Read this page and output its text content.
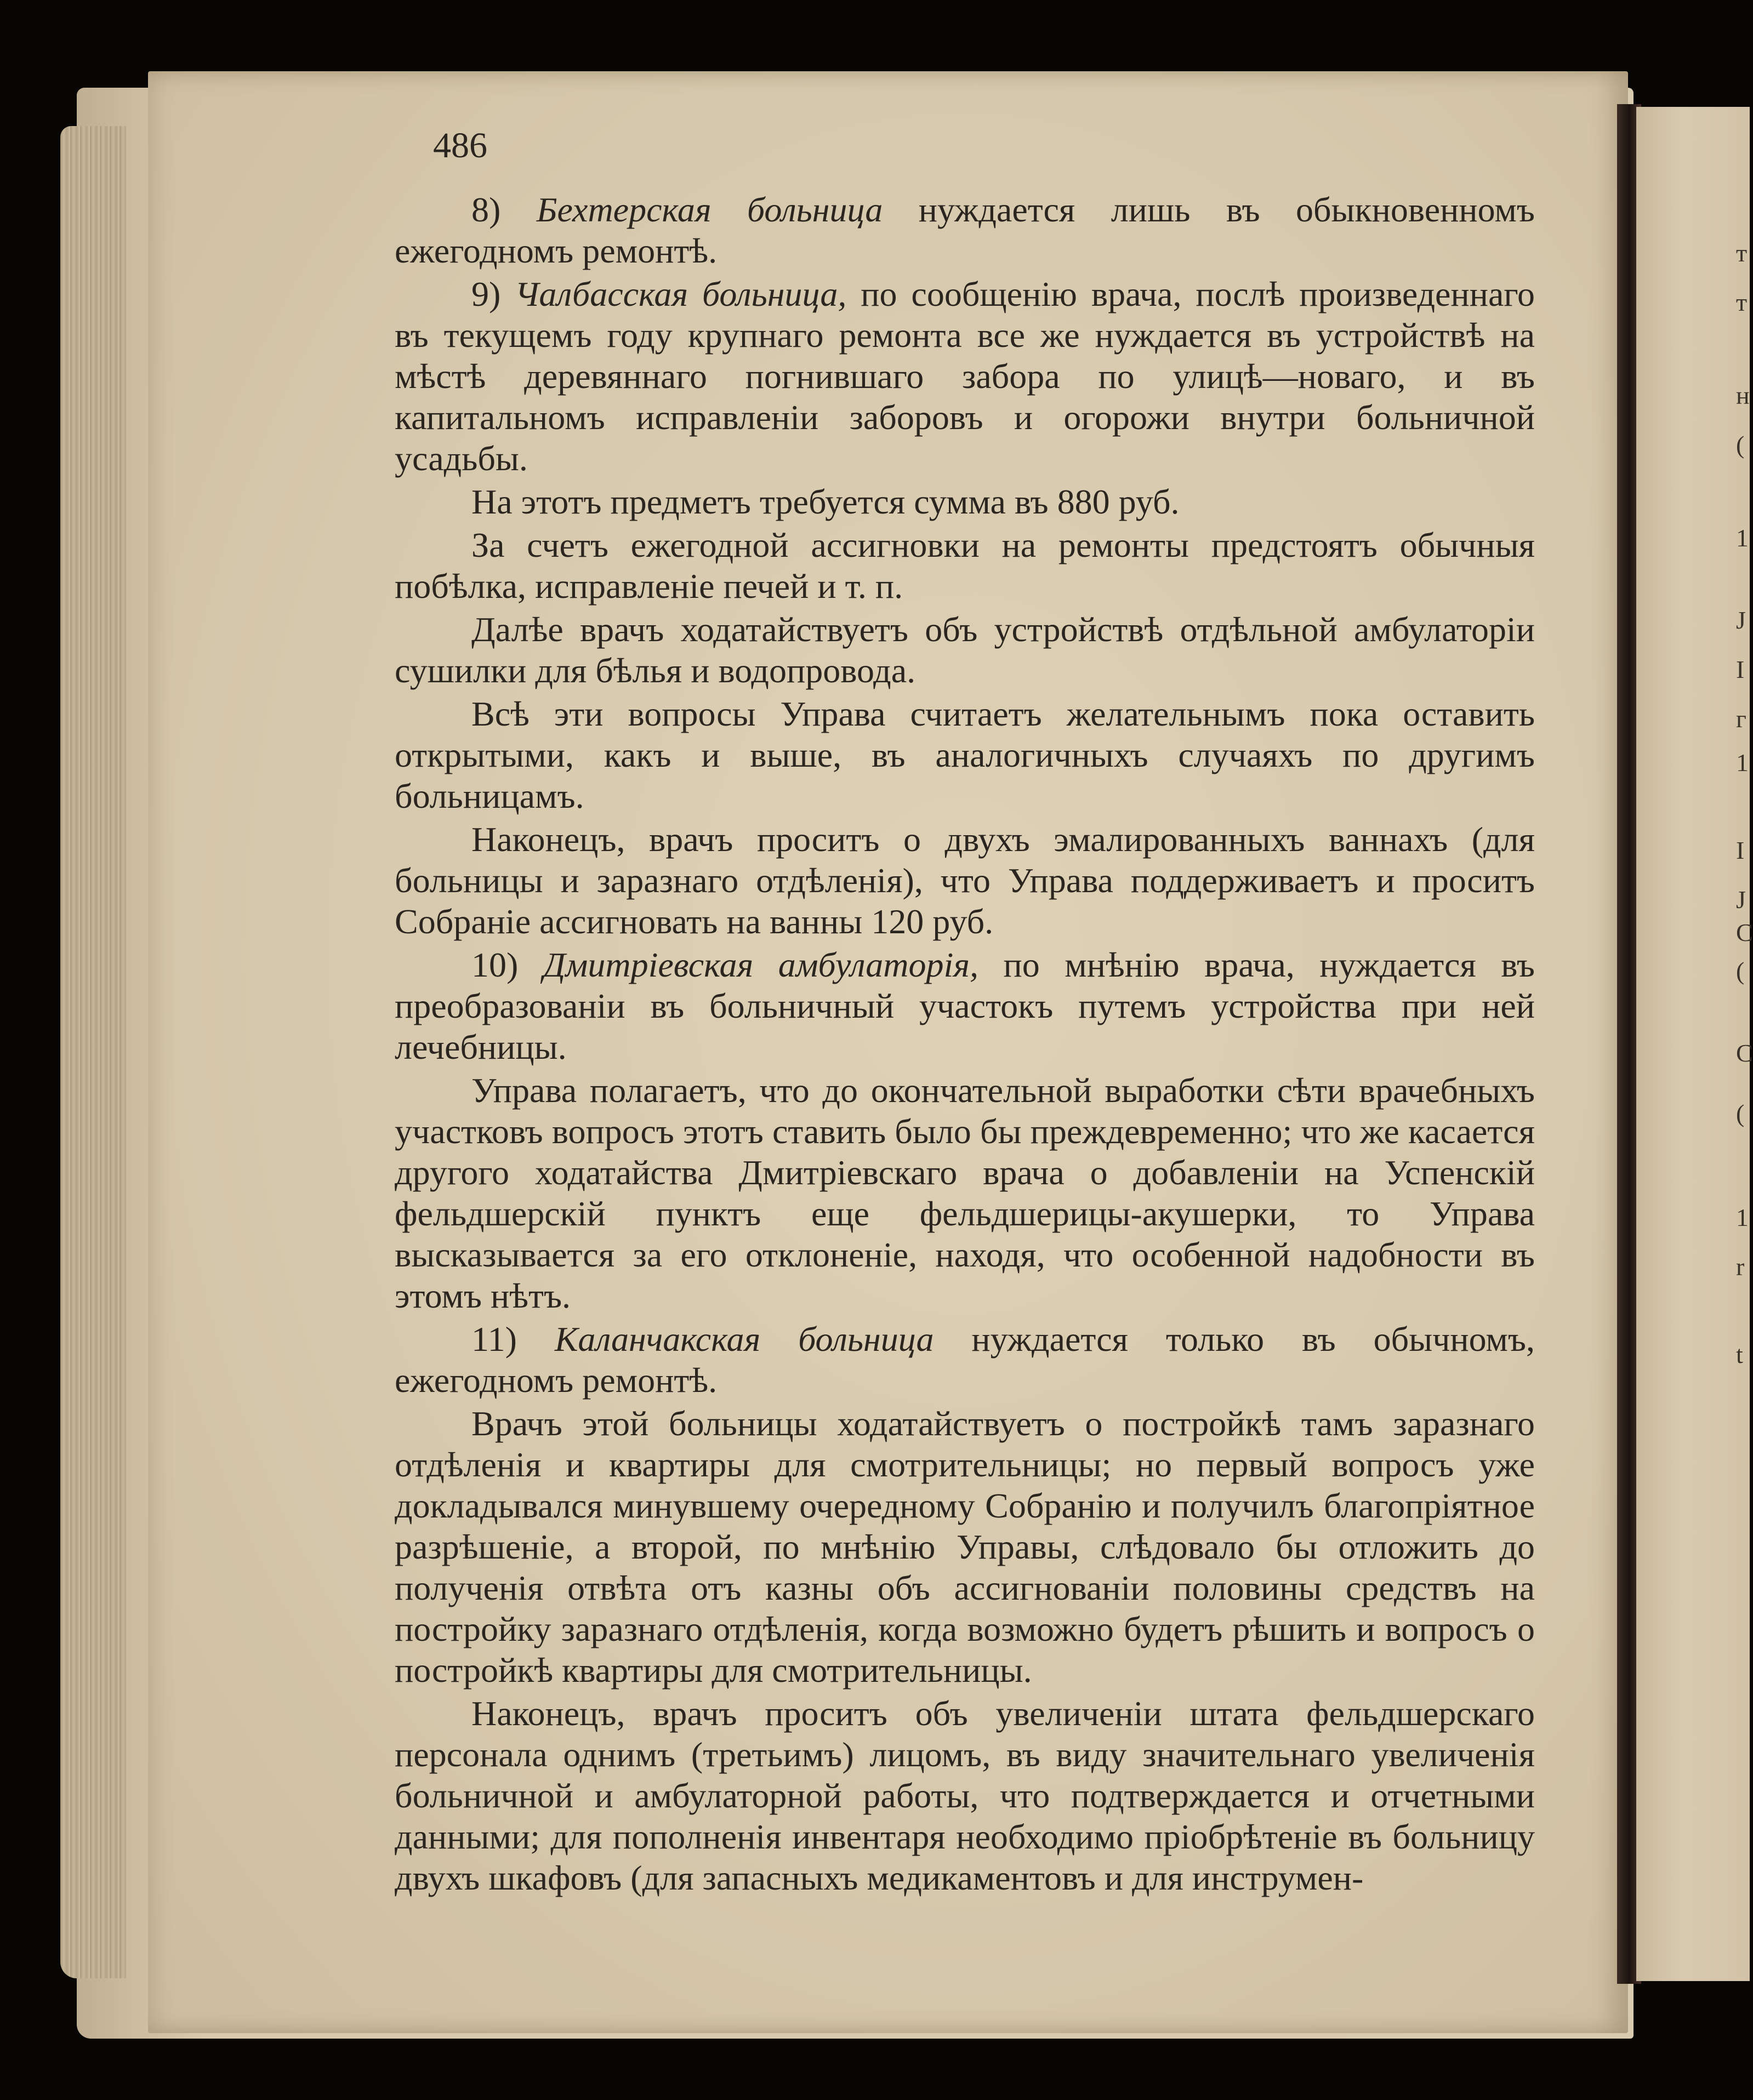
т
т
н
(
1
J
I
г
1
I
J
С
(
С
(
1
r
t
486

8) Бехтерская больница нуждается лишь въ обыкновенномъ ежегодномъ ремонтѣ.

9) Чалбасская больница, по сообщенію врача, послѣ произведеннаго въ текущемъ году крупнаго ремонта все же нуждается въ устройствѣ на мѣстѣ деревяннаго погнившаго забора по улицѣ—новаго, и въ капитальномъ исправленіи заборовъ и огорожи внутри больничной усадьбы.

На этотъ предметъ требуется сумма въ 880 руб.

За счетъ ежегодной ассигновки на ремонты предстоятъ обычныя побѣлка, исправленіе печей и т. п.

Далѣе врачъ ходатайствуетъ объ устройствѣ отдѣльной амбулаторіи сушилки для бѣлья и водопровода.

Всѣ эти вопросы Управа считаетъ желательнымъ пока оставить открытыми, какъ и выше, въ аналогичныхъ случаяхъ по другимъ больницамъ.

Наконецъ, врачъ проситъ о двухъ эмалированныхъ ваннахъ (для больницы и заразнаго отдѣленія), что Управа поддерживаетъ и проситъ Собраніе ассигновать на ванны 120 руб.

10) Дмитріевская амбулаторія, по мнѣнію врача, нуждается въ преобразованіи въ больничный участокъ путемъ устройства при ней лечебницы.

Управа полагаетъ, что до окончательной выработки сѣти врачебныхъ участковъ вопросъ этотъ ставить было бы преждевременно; что же касается другого ходатайства Дмитріевскаго врача о добавленіи на Успенскій фельдшерскій пунктъ еще фельдшерицы-акушерки, то Управа высказывается за его отклоненіе, находя, что особенной надобности въ этомъ нѣтъ.

11) Каланчакская больница нуждается только въ обычномъ, ежегодномъ ремонтѣ.

Врачъ этой больницы ходатайствуетъ о постройкѣ тамъ заразнаго отдѣленія и квартиры для смотрительницы; но первый вопросъ уже докладывался минувшему очередному Собранію и получилъ благопріятное разрѣшеніе, а второй, по мнѣнію Управы, слѣдовало бы отложить до полученія отвѣта отъ казны объ ассигнованіи половины средствъ на постройку заразнаго отдѣленія, когда возможно будетъ рѣшить и вопросъ о постройкѣ квартиры для смотрительницы.

Наконецъ, врачъ проситъ объ увеличеніи штата фельдшерскаго персонала однимъ (третьимъ) лицомъ, въ виду значительнаго увеличенія больничной и амбулаторной работы, что подтверждается и отчетными данными; для пополненія инвентаря необходимо пріобрѣтеніе въ больницу двухъ шкафовъ (для запасныхъ медикаментовъ и для инструмен-
